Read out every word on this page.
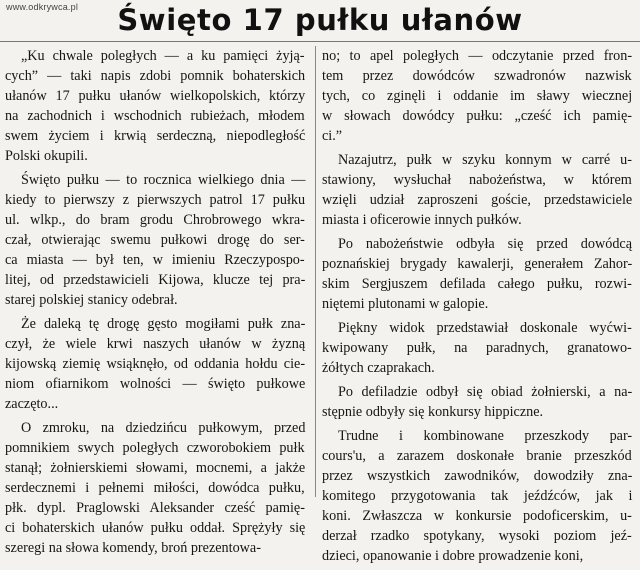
www.odkrywca.pl	Święto 17 pułku ułanów
„Ku chwale poległych — a ku pamięci żyją-
cych” — taki napis zdobi pomnik bohaterskich
ułanów 17 pułku ułanów wielkopolskich, którzy
na zachodnich i wschodnich rubieżach, młodem
swem życiem i krwią serdeczną, niepodległość
Polski okupili.
Święto pułku — to rocznica wielkiego dnia —
kiedy to pierwszy z pierwszych patrol 17 pułku
ul. wlkp., do bram grodu Chrobrowego wkra-
czał, otwierając swemu pułkowi drogę do ser-
ca miasta — był ten, w imieniu Rzeczypospo-
litej, od przedstawicieli Kijowa, klucze tej pra-
starej polskiej stanicy odebrał.
Że daleką tę drogę gęsto mogiłami pułk zna-
czył, że wiele krwi naszych ułanów w żyzną
kijowską ziemię wsiąknęło, od oddania hołdu cie-
niom ofiarnikom wolności — święto pułkowe
zaczęto...
O zmroku, na dziedzińcu pułkowym, przed
pomnikiem swych poległych czworobokiem pułk
stanął; żołnierskiemi słowami, mocnemi, a jakże
serdecznemi i pełnemi miłości, dowódca pułku,
płk. dypl. Praglowski Aleksander cześć pamię-
ci bohaterskich ułanów pułku oddał. Sprężyły się
szeregi na słowa komendy, broń prezentowa-
no; to apel poległych — odczytanie przed fron-
tem przez dowódców szwadronów nazwisk
tych, co zginęli i oddanie im sławy wiecznej
w słowach dowódcy pułku: „cześć ich pamię-
ci.”
Nazajutrz, pułk w szyku konnym w carré u-
stawiony, wysłuchał nabożeństwa, w którem
wzięli udział zaproszeni goście, przedstawiciele
miasta i oficerowie innych pułków.
Po nabożeństwie odbyła się przed dowódcą
poznańskiej brygady kawalerji, generałem Zahor-
skim Sergjuszem defilada całego pułku, rozwi-
niętemi plutonami w galopie.
Piękny widok przedstawiał doskonale wyćwi-
kwipowany pułk, na paradnych, granatowo-
żółtych czaprakach.
Po defiladzie odbył się obiad żołnierski, a na-
stępnie odbyły się konkursy hippiczne.
Trudne i kombinowane przeszkody par-
cours'u, a zarazem doskonałe branie przeszkód
przez wszystkich zawodników, dowodziły zna-
komitego przygotowania tak jeźdźców, jak i
koni. Zwłaszcza w konkursie podoficerskim, u-
derzał rzadko spotykany, wysoki poziom jeź-
dzieci, opanowanie i dobre prowadzenie koni,
